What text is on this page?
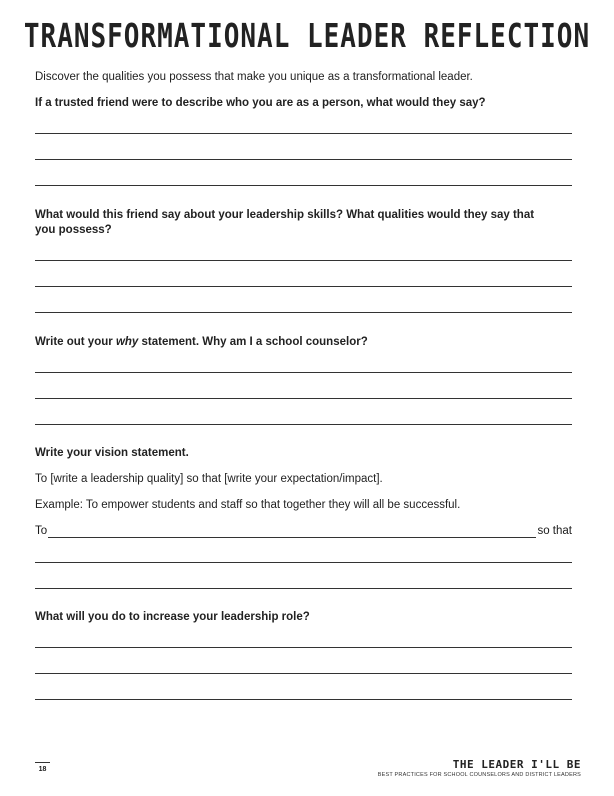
TRANSFORMATIONAL LEADER REFLECTION
Discover the qualities you possess that make you unique as a transformational leader.
If a trusted friend were to describe who you are as a person, what would they say?
What would this friend say about your leadership skills? What qualities would they say that you possess?
Write out your why statement. Why am I a school counselor?
Write your vision statement.
To [write a leadership quality] so that [write your expectation/impact].
Example: To empower students and staff so that together they will all be successful.
To	so that
What will you do to increase your leadership role?
18	THE LEADER I'LL BE
BEST PRACTICES FOR SCHOOL COUNSELORS AND DISTRICT LEADERS
